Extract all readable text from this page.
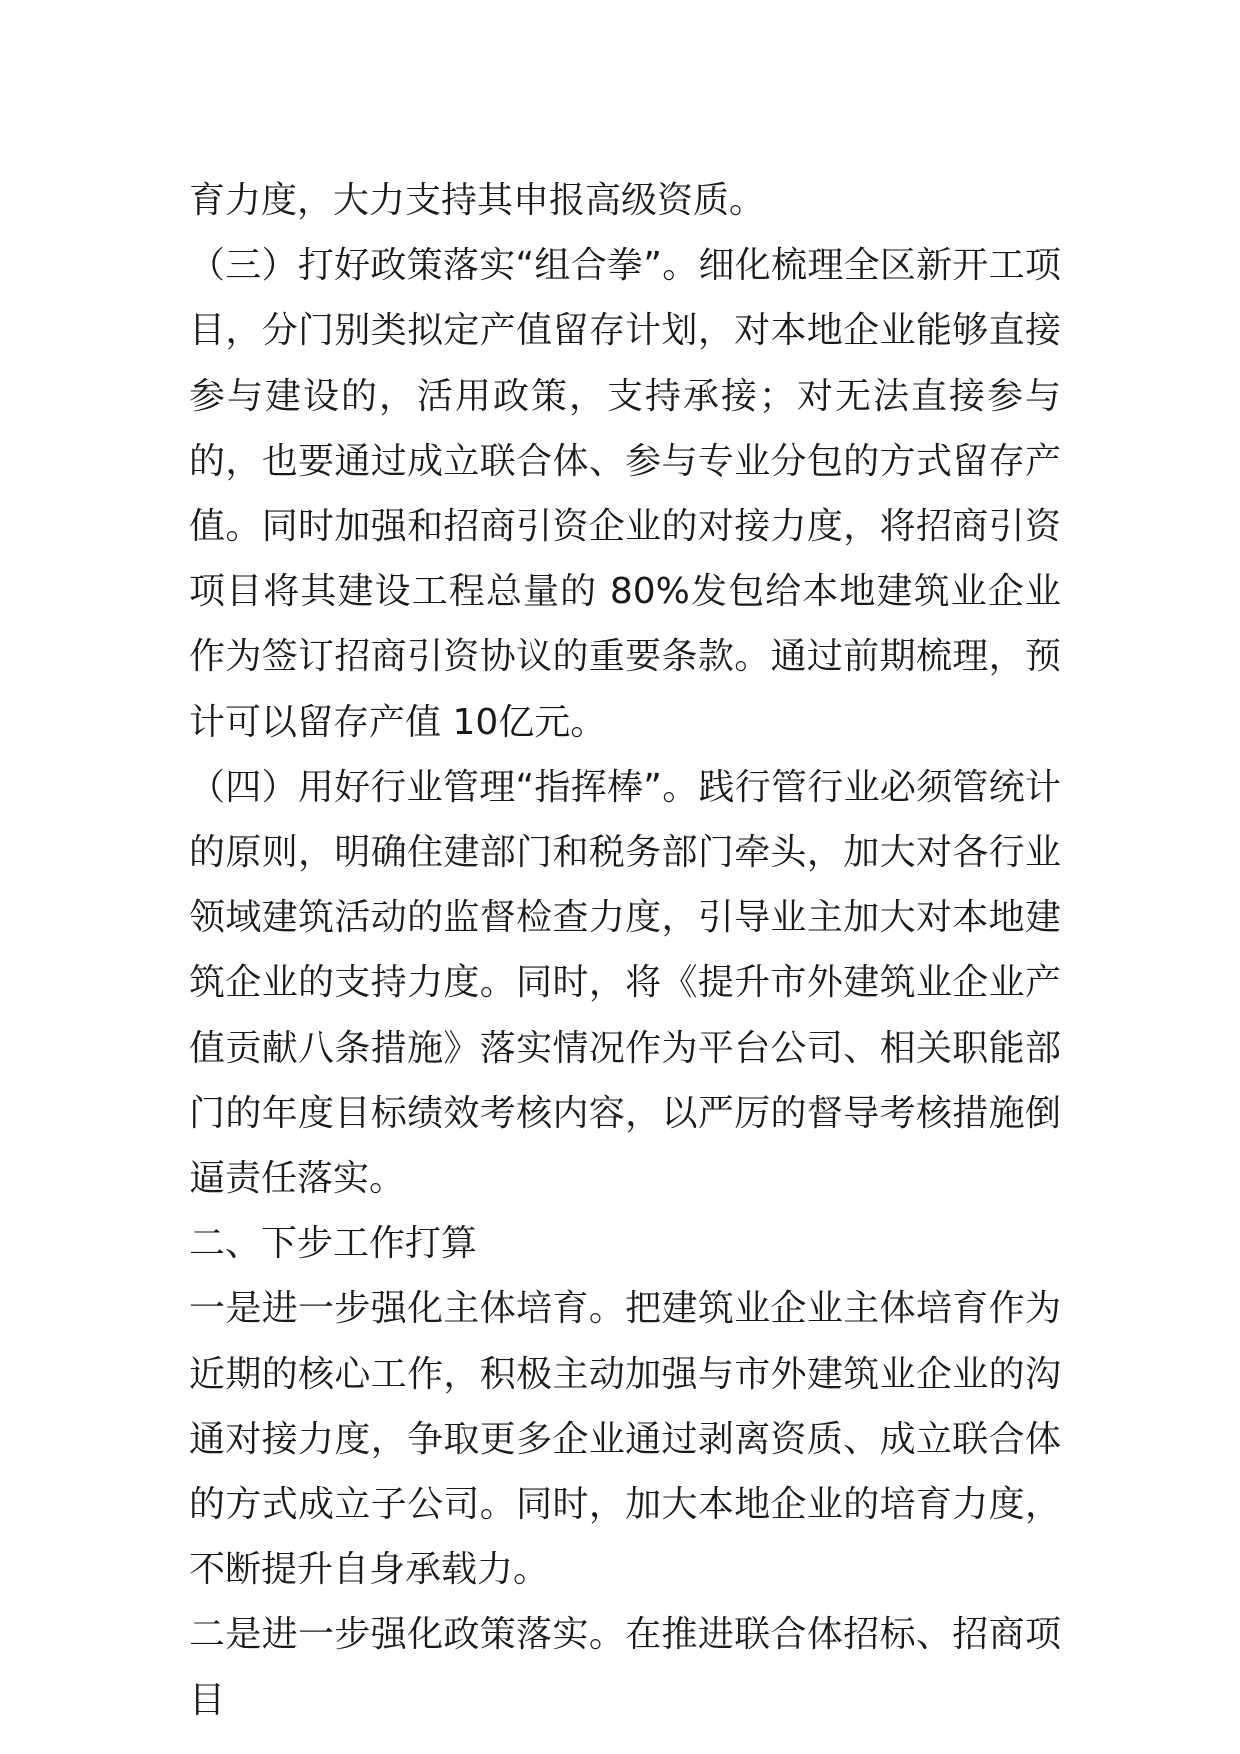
育力度，大力支持其申报高级资质。

（三）打好政策落实“组合拳”。细化梳理全区新开工项目，分门别类拟定产值留存计划，对本地企业能够直接参与建设的，活用政策，支持承接；对无法直接参与的，也要通过成立联合体、参与专业分包的方式留存产值。同时加强和招商引资企业的对接力度，将招商引资项目将其建设工程总量的 80%发包给本地建筑业企业作为签订招商引资协议的重要条款。通过前期梳理，预计可以留存产值 10亿元。

（四）用好行业管理“指挥棒”。践行管行业必须管统计的原则，明确住建部门和税务部门牵头，加大对各行业领域建筑活动的监督检查力度，引导业主加大对本地建筑企业的支持力度。同时，将《提升市外建筑业企业产值贡献八条措施》落实情况作为平台公司、相关职能部门的年度目标绩效考核内容，以严厉的督导考核措施倒逼责任落实。

二、下步工作打算

一是进一步强化主体培育。把建筑业企业主体培育作为近期的核心工作，积极主动加强与市外建筑业企业的沟通对接力度，争取更多企业通过剥离资质、成立联合体的方式成立子公司。同时，加大本地企业的培育力度，不断提升自身承载力。

二是进一步强化政策落实。在推进联合体招标、招商项目
